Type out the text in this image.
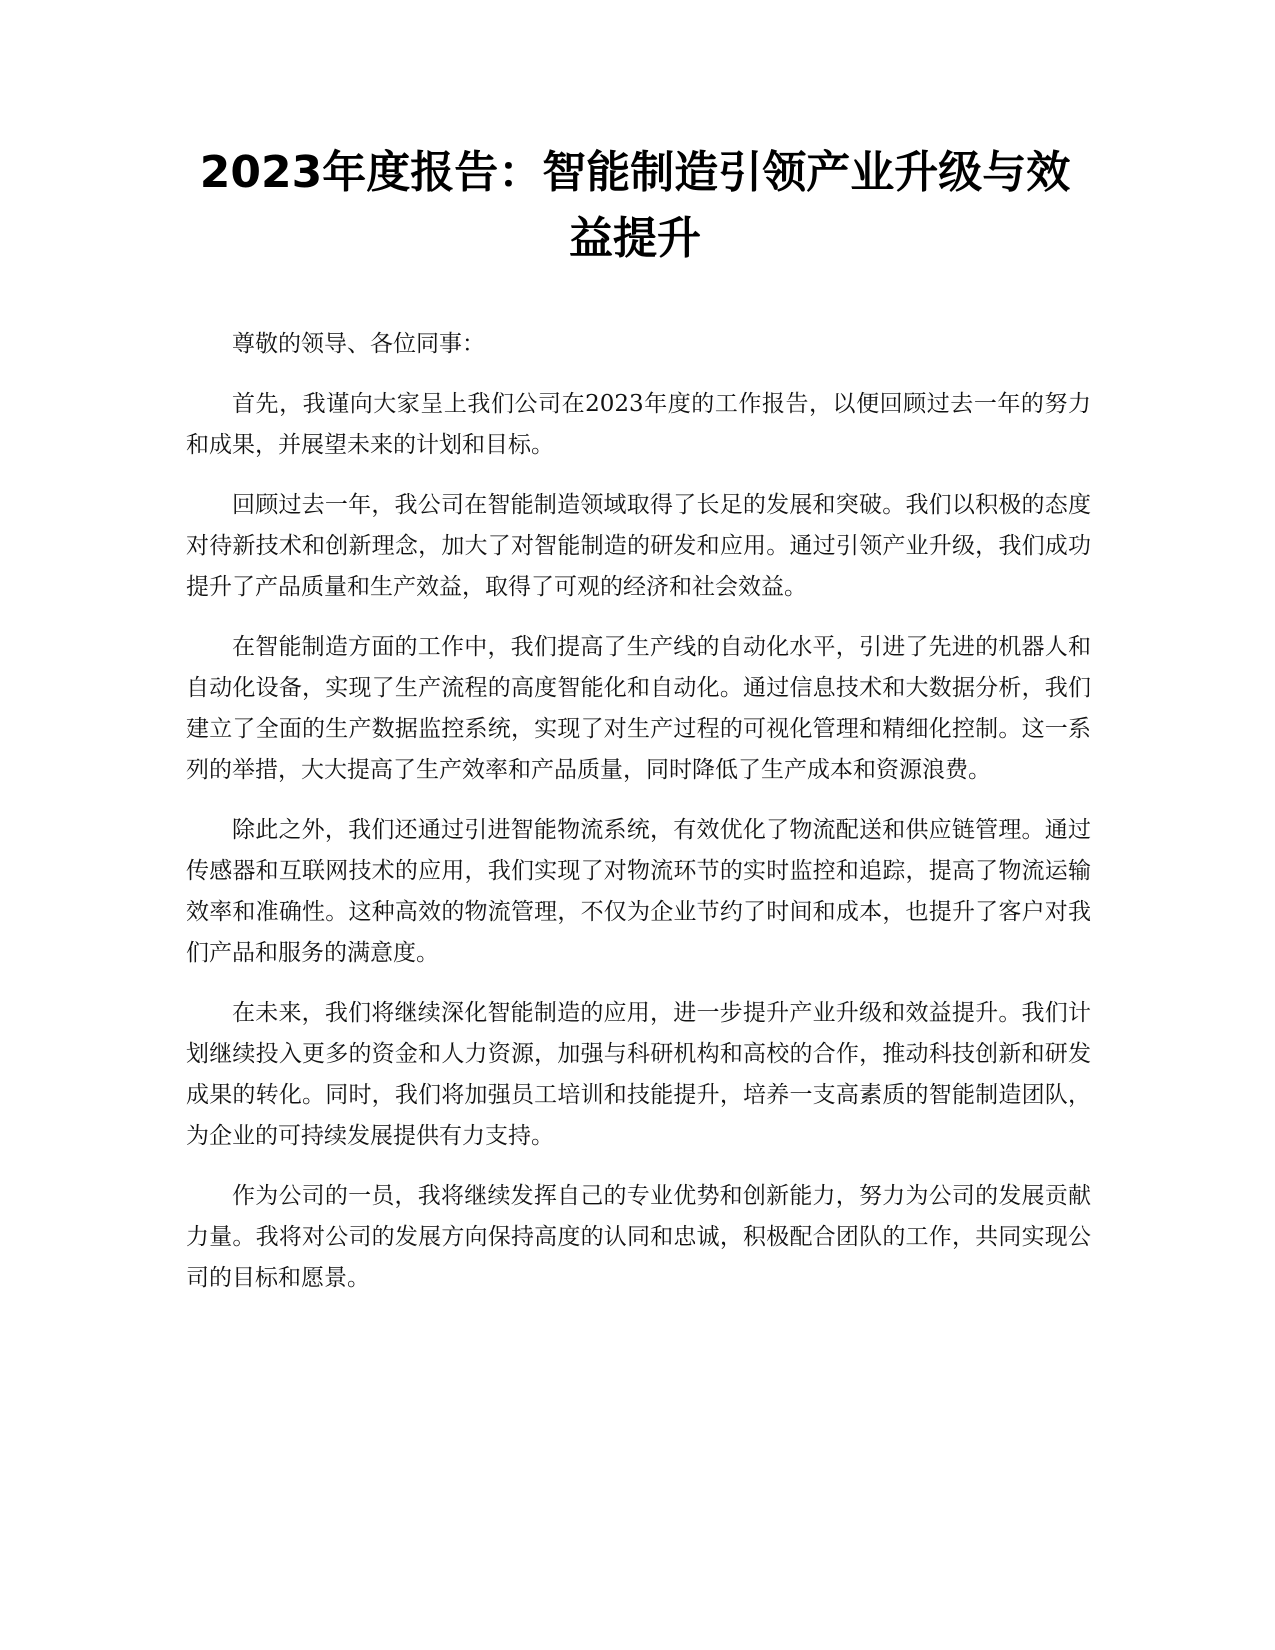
2023年度报告：智能制造引领产业升级与效益提升

尊敬的领导、各位同事：

首先，我谨向大家呈上我们公司在2023年度的工作报告，以便回顾过去一年的努力和成果，并展望未来的计划和目标。

回顾过去一年，我公司在智能制造领域取得了长足的发展和突破。我们以积极的态度对待新技术和创新理念，加大了对智能制造的研发和应用。通过引领产业升级，我们成功提升了产品质量和生产效益，取得了可观的经济和社会效益。

在智能制造方面的工作中，我们提高了生产线的自动化水平，引进了先进的机器人和自动化设备，实现了生产流程的高度智能化和自动化。通过信息技术和大数据分析，我们建立了全面的生产数据监控系统，实现了对生产过程的可视化管理和精细化控制。这一系列的举措，大大提高了生产效率和产品质量，同时降低了生产成本和资源浪费。

除此之外，我们还通过引进智能物流系统，有效优化了物流配送和供应链管理。通过传感器和互联网技术的应用，我们实现了对物流环节的实时监控和追踪，提高了物流运输效率和准确性。这种高效的物流管理，不仅为企业节约了时间和成本，也提升了客户对我们产品和服务的满意度。

在未来，我们将继续深化智能制造的应用，进一步提升产业升级和效益提升。我们计划继续投入更多的资金和人力资源，加强与科研机构和高校的合作，推动科技创新和研发成果的转化。同时，我们将加强员工培训和技能提升，培养一支高素质的智能制造团队，为企业的可持续发展提供有力支持。

作为公司的一员，我将继续发挥自己的专业优势和创新能力，努力为公司的发展贡献力量。我将对公司的发展方向保持高度的认同和忠诚，积极配合团队的工作，共同实现公司的目标和愿景。
